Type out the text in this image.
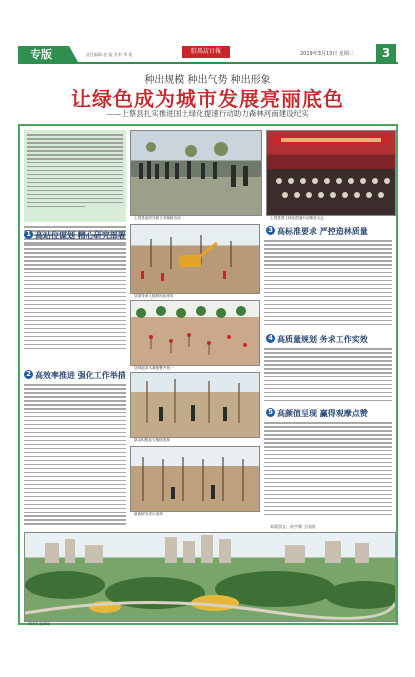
专版	责任编辑 赵 振 美术 李 俊	駐馬店日報	2019年3月13日 星期三	3
种出规模 种出气势 种出形象
让绿色成为城市发展亮丽底色
——上蔡县扎实推进国土绿化提速行动助力森林河南建设纪实
上蔡县组织开展义务植树活动	上蔡县国土绿化提速行动推进大会
1 高站位谋划 精心研究部署
2 高效率推进 强化工作举措
县领导深入植树现场指导
造林地苗木栽植整齐划一
群众积极参与植树造林
新栽树木成行成林
3 高标准要求 严控造林质量
4 高质量规划 务求工作实效
5 高颜值呈现 赢得观摩点赞
本版图文：孙宇朝 王向阳
城市生态绿地
